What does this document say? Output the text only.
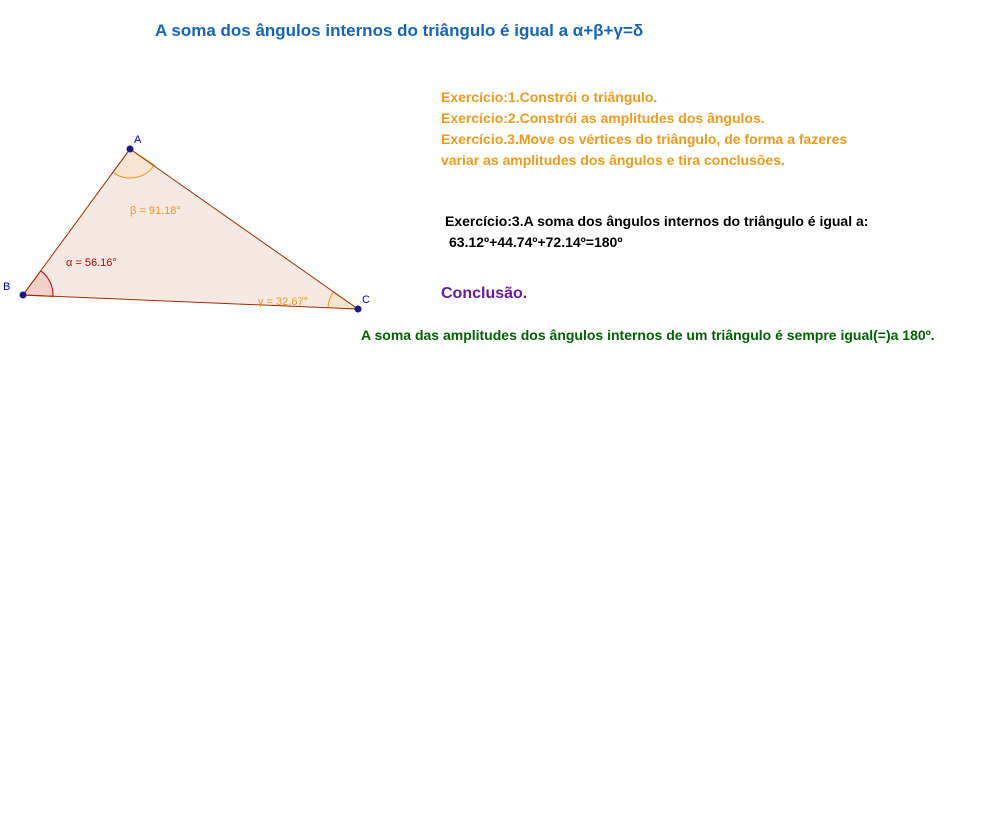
A soma dos ângulos internos do triângulo é igual a α+β+γ=δ
Exercício:1.Constrói o triângulo.
Exercício:2.Constrói as amplitudes dos ângulos.
Exercício.3.Move os vértices do triângulo, de forma a fazeres
variar as amplitudes dos ângulos e tira conclusões.
Exercício:3.A soma dos ângulos internos do triângulo é igual a:
63.12º+44.74º+72.14º=180º
Conclusão.
A soma das amplitudes dos ângulos internos de um triângulo é sempre igual(=)a 180º.
α = 56.16°
β = 91.18°
γ = 32.67°
A
B
C
